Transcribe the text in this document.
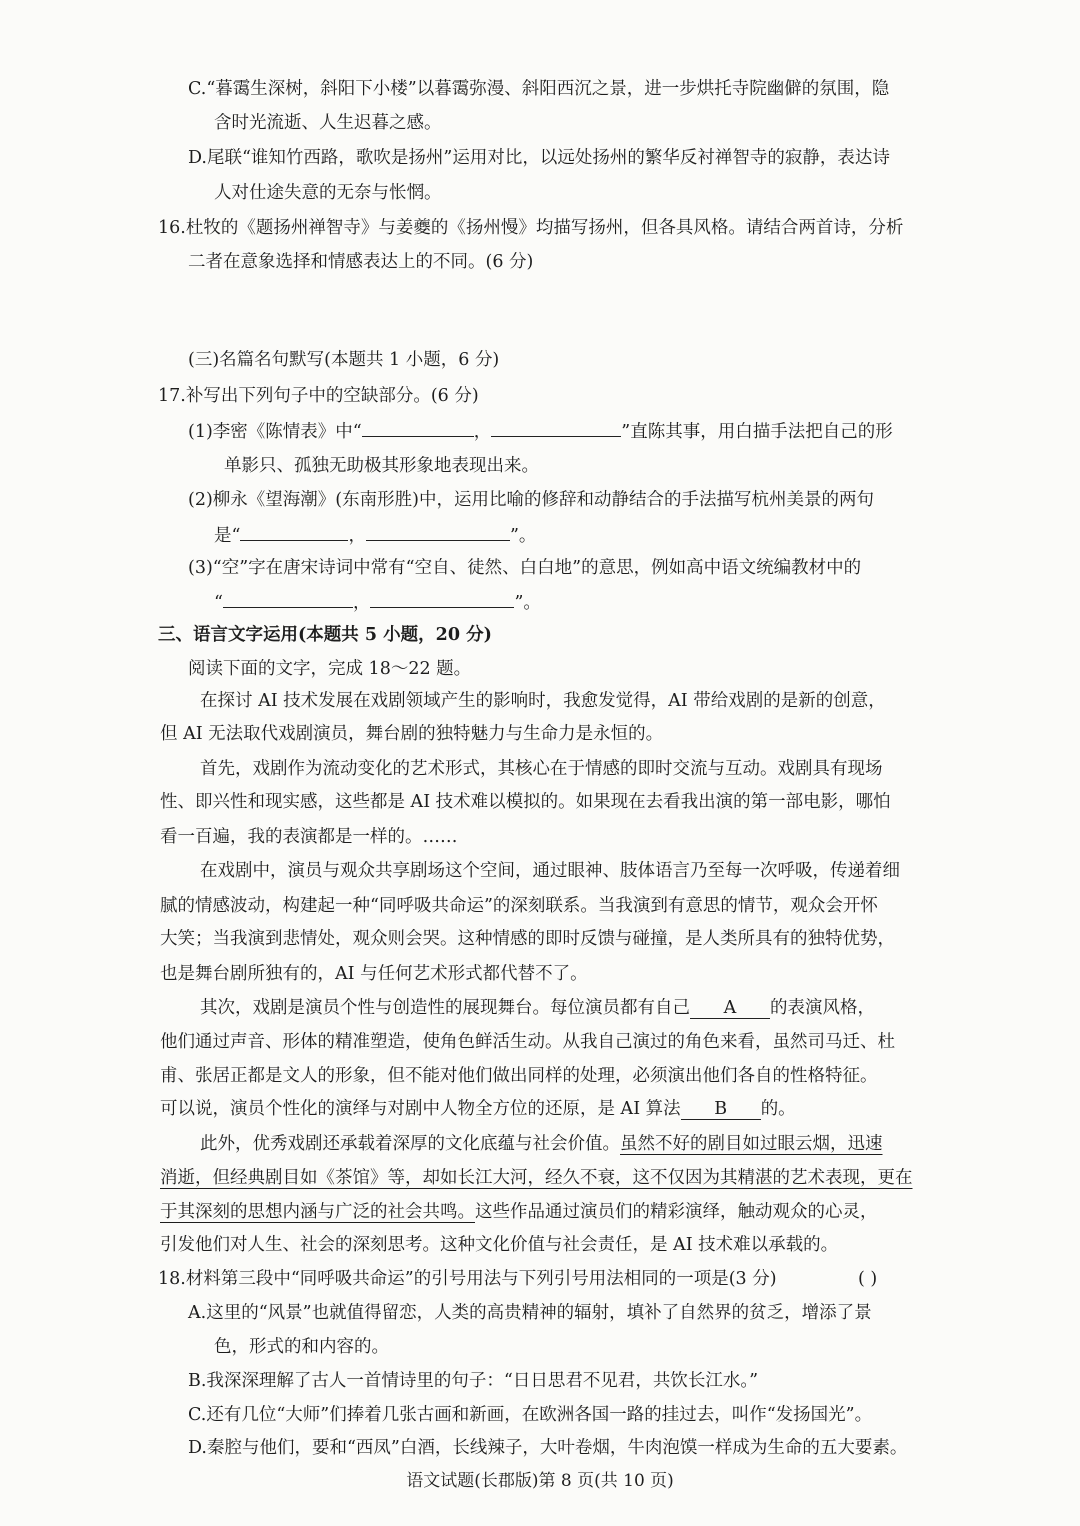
C.“暮霭生深树，斜阳下小楼”以暮霭弥漫、斜阳西沉之景，进一步烘托寺院幽僻的氛围，隐
含时光流逝、人生迟暮之感。
D.尾联“谁知竹西路，歌吹是扬州”运用对比，以远处扬州的繁华反衬禅智寺的寂静，表达诗
人对仕途失意的无奈与怅惘。
16.杜牧的《题扬州禅智寺》与姜夔的《扬州慢》均描写扬州，但各具风格。请结合两首诗，分析
二者在意象选择和情感表达上的不同。(6 分)
(三)名篇名句默写(本题共 1 小题，6 分)
17.补写出下列句子中的空缺部分。(6 分)
(1)李密《陈情表》中“	，	”直陈其事，用白描手法把自己的形
单影只、孤独无助极其形象地表现出来。
(2)柳永《望海潮》(东南形胜)中，运用比喻的修辞和动静结合的手法描写杭州美景的两句
是“	，	”。
(3)“空”字在唐宋诗词中常有“空自、徒然、白白地”的意思，例如高中语文统编教材中的
“	，	”。
三、语言文字运用(本题共 5 小题，20 分)
阅读下面的文字，完成 18～22 题。
在探讨 AI 技术发展在戏剧领域产生的影响时，我愈发觉得，AI 带给戏剧的是新的创意，
但 AI 无法取代戏剧演员，舞台剧的独特魅力与生命力是永恒的。
首先，戏剧作为流动变化的艺术形式，其核心在于情感的即时交流与互动。戏剧具有现场
性、即兴性和现实感，这些都是 AI 技术难以模拟的。如果现在去看我出演的第一部电影，哪怕
看一百遍，我的表演都是一样的。……
在戏剧中，演员与观众共享剧场这个空间，通过眼神、肢体语言乃至每一次呼吸，传递着细
腻的情感波动，构建起一种“同呼吸共命运”的深刻联系。当我演到有意思的情节，观众会开怀
大笑；当我演到悲情处，观众则会哭。这种情感的即时反馈与碰撞，是人类所具有的独特优势，
也是舞台剧所独有的，AI 与任何艺术形式都代替不了。
其次，戏剧是演员个性与创造性的展现舞台。每位演员都有自己 A 的表演风格，
他们通过声音、形体的精准塑造，使角色鲜活生动。从我自己演过的角色来看，虽然司马迁、杜
甫、张居正都是文人的形象，但不能对他们做出同样的处理，必须演出他们各自的性格特征。
可以说，演员个性化的演绎与对剧中人物全方位的还原，是 AI 算法 B 的。
此外，优秀戏剧还承载着深厚的文化底蕴与社会价值。虽然不好的剧目如过眼云烟，迅速
消逝，但经典剧目如《茶馆》等，却如长江大河，经久不衰，这不仅因为其精湛的艺术表现，更在
于其深刻的思想内涵与广泛的社会共鸣。这些作品通过演员们的精彩演绎，触动观众的心灵，
引发他们对人生、社会的深刻思考。这种文化价值与社会责任，是 AI 技术难以承载的。
18.材料第三段中“同呼吸共命运”的引号用法与下列引号用法相同的一项是(3 分)	( )
A.这里的“风景”也就值得留恋，人类的高贵精神的辐射，填补了自然界的贫乏，增添了景
色，形式的和内容的。
B.我深深理解了古人一首情诗里的句子：“日日思君不见君，共饮长江水。”
C.还有几位“大师”们捧着几张古画和新画，在欧洲各国一路的挂过去，叫作“发扬国光”。
D.秦腔与他们，要和“西凤”白酒，长线辣子，大叶卷烟，牛肉泡馍一样成为生命的五大要素。
语文试题(长郡版)第 8 页(共 10 页)
